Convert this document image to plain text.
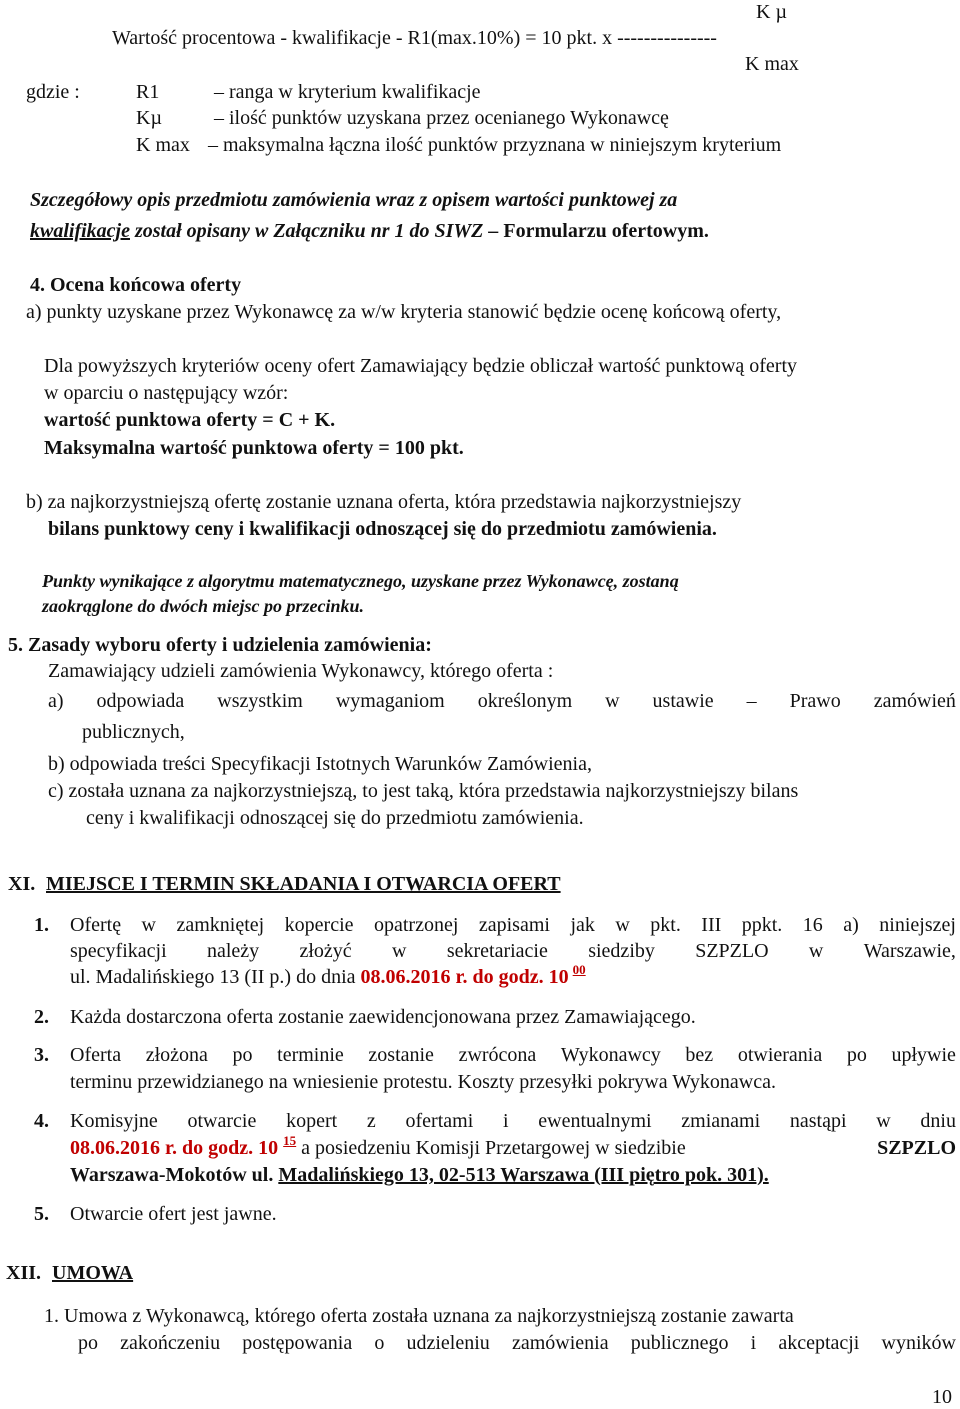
K µ
Wartość procentowa - kwalifikacje - R1(max.10%) = 10 pkt. x ---------------
K max
gdzie :	R1	– ranga w kryterium kwalifikacje
Kµ	– ilość punktów uzyskana przez ocenianego Wykonawcę
K max – maksymalna łączna ilość punktów przyznana w niniejszym kryterium
Szczegółowy opis przedmiotu zamówienia wraz z opisem wartości punktowej za
kwalifikacje został opisany w Załączniku nr 1 do SIWZ – Formularzu ofertowym.
4. Ocena końcowa oferty
a) punkty uzyskane przez Wykonawcę za w/w kryteria stanowić będzie ocenę końcową oferty,
Dla powyższych kryteriów oceny ofert Zamawiający będzie obliczał wartość punktową oferty
w oparciu o następujący wzór:
wartość punktowa oferty = C + K.
Maksymalna wartość punktowa oferty = 100 pkt.
b) za najkorzystniejszą ofertę zostanie uznana oferta, która przedstawia najkorzystniejszy
bilans punktowy ceny i kwalifikacji odnoszącej się do przedmiotu zamówienia.
Punkty wynikające z algorytmu matematycznego, uzyskane przez Wykonawcę, zostaną
zaokrąglone do dwóch miejsc po przecinku.
5. Zasady wyboru oferty i udzielenia zamówienia:
Zamawiający udzieli zamówienia Wykonawcy, którego oferta :
a) odpowiada wszystkim wymaganiom określonym w ustawie – Prawo zamówień
publicznych,
b) odpowiada treści Specyfikacji Istotnych Warunków Zamówienia,
c) została uznana za najkorzystniejszą, to jest taką, która przedstawia najkorzystniejszy bilans
ceny i kwalifikacji odnoszącej się do przedmiotu zamówienia.
XI. MIEJSCE I TERMIN SKŁADANIA I OTWARCIA OFERT
1. Ofertę w zamkniętej kopercie opatrzonej zapisami jak w pkt. III ppkt. 16 a) niniejszej
specyfikacji należy złożyć w sekretariacie siedziby SZPZLO w Warszawie,
ul. Madalińskiego 13 (II p.) do dnia 08.06.2016 r. do godz. 10 $^{00}$
2. Każda dostarczona oferta zostanie zaewidencjonowana przez Zamawiającego.
3. Oferta złożona po terminie zostanie zwrócona Wykonawcy bez otwierania po upływie
terminu przewidzianego na wniesienie protestu. Koszty przesyłki pokrywa Wykonawca.
4. Komisyjne otwarcie kopert z ofertami i ewentualnymi zmianami nastąpi w dniu
08.06.2016 r. do godz. 10 $^{15}$ a posiedzeniu Komisji Przetargowej w siedzibie	SZPZLO
Warszawa-Mokotów ul. Madalińskiego 13, 02-513 Warszawa (III piętro pok. 301).
5. Otwarcie ofert jest jawne.
XII. UMOWA
1. Umowa z Wykonawcą, którego oferta została uznana za najkorzystniejszą zostanie zawarta
po zakończeniu postępowania o udzieleniu zamówienia publicznego i akceptacji wyników
10
